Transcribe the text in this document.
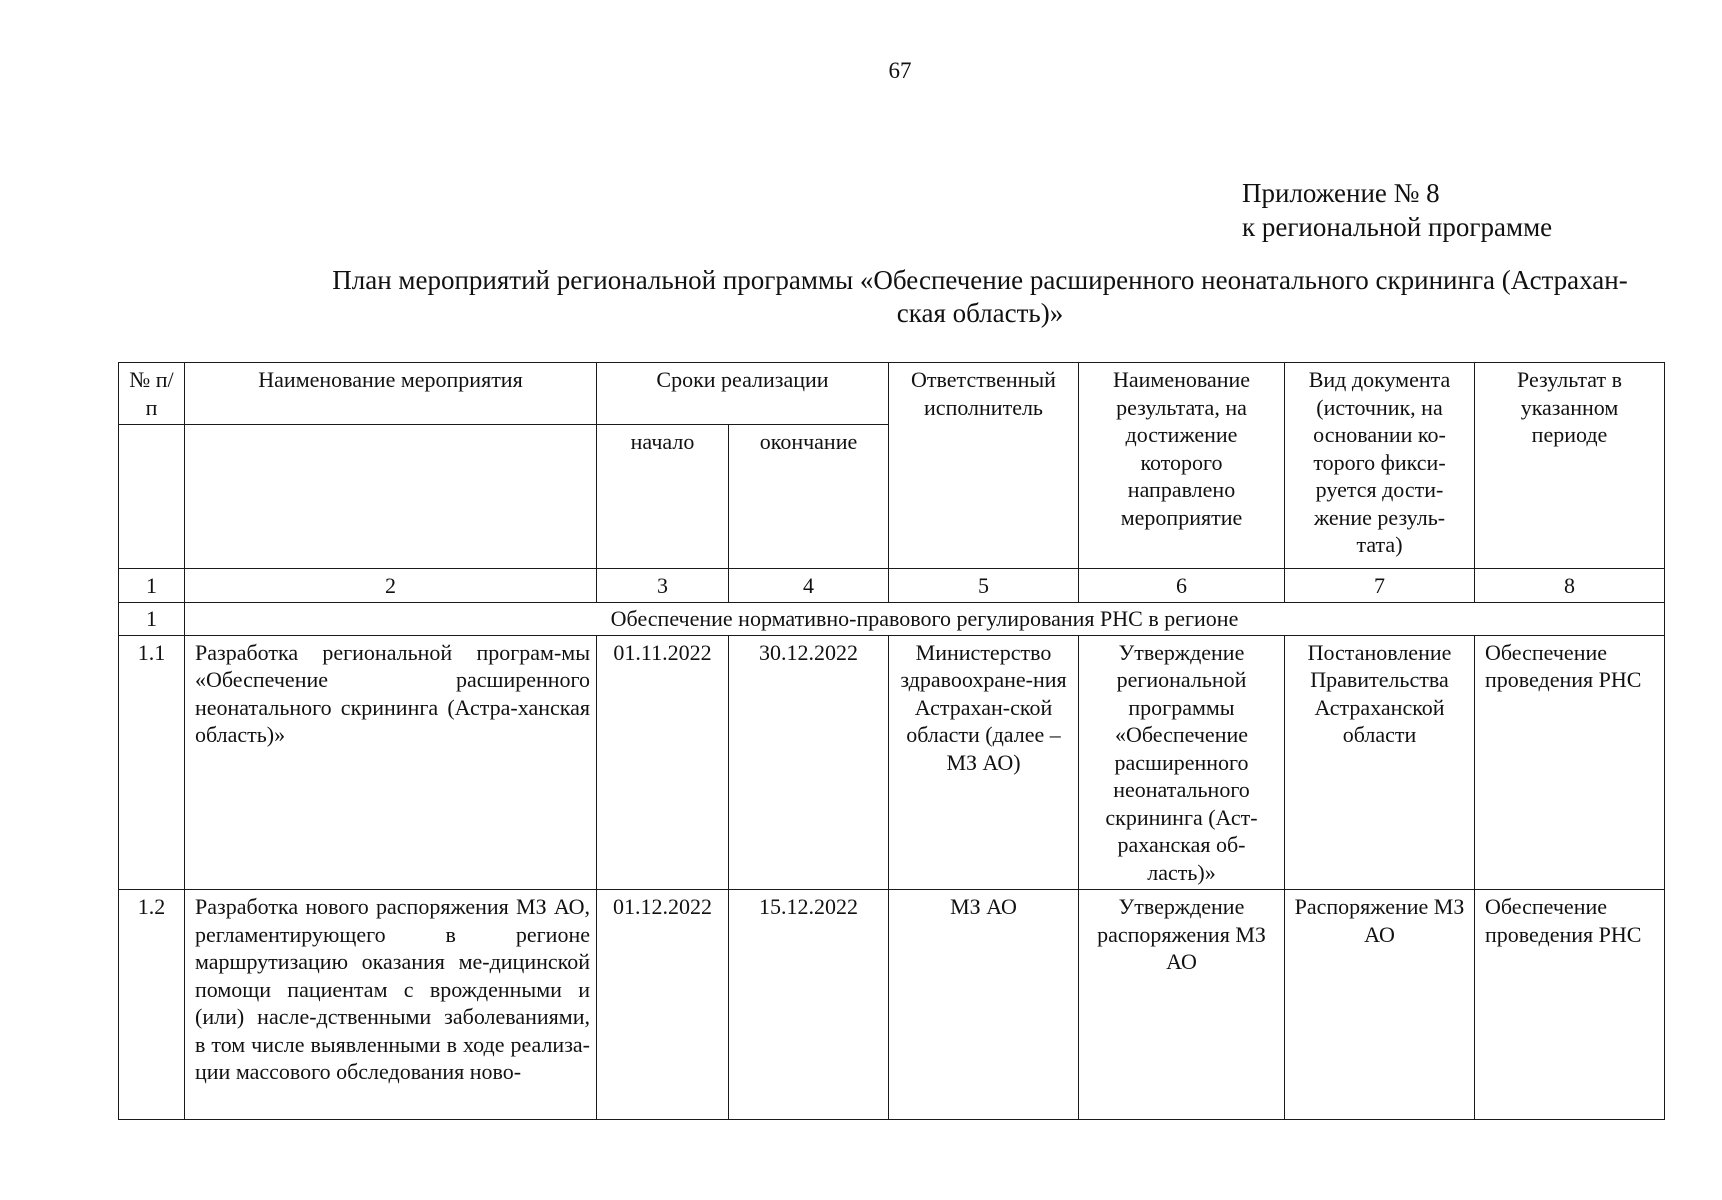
67
Приложение № 8
к региональной программе
План мероприятий региональной программы «Обеспечение расширенного неонатального скрининга (Астрахан-
ская область)»
№ п/п	Наименование мероприятия	Сроки реализации		Ответственный исполнитель	Наименование результата, на достижение которого направлено мероприятие	Вид документа (источник, на основании ко-торого фикси-руется дости-жение резуль-тата)	Результат в указанном периоде
		начало	окончание				
1	2	3	4	5	6	7	8
1	Обеспечение нормативно-правового регулирования РНС в регионе						
1.1	Разработка региональной програм-мы «Обеспечение расширенного неонатального скрининга (Астра-ханская область)»	01.11.2022	30.12.2022	Министерство здравоохране-ния Астрахан-ской области (далее – МЗ АО)	Утверждение региональной программы «Обеспечение расширенного неонатального скрининга (Аст-раханская об-ласть)»	Постановление Правительства Астраханской области	Обеспечение проведения РНС
1.2	Разработка нового распоряжения МЗ АО, регламентирующего в регионе маршрутизацию оказания ме-дицинской помощи пациентам с врожденными и (или) насле-дственными заболеваниями, в том числе выявленными в ходе реализа-ции массового обследования ново-	01.12.2022	15.12.2022	МЗ АО	Утверждение распоряжения МЗ АО	Распоряжение МЗ АО	Обеспечение проведения РНС
